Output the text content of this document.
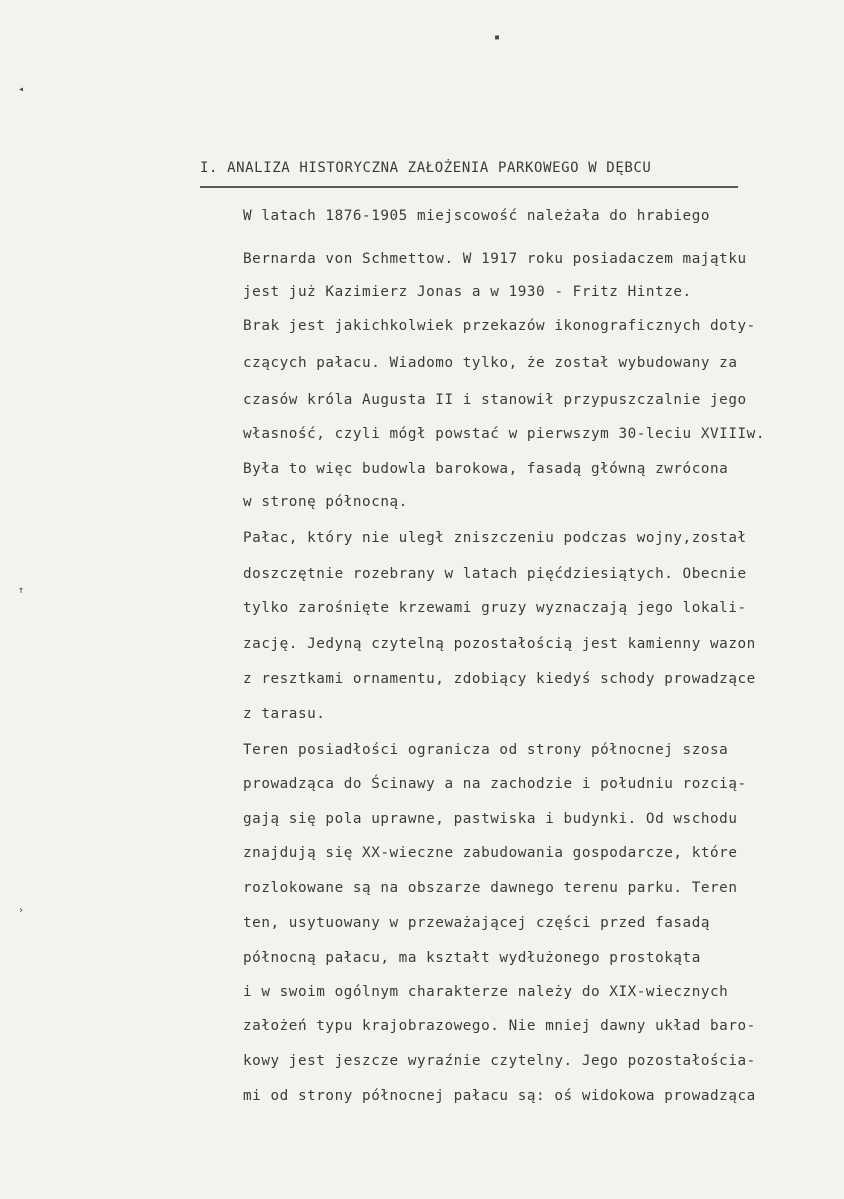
▪
◂
↑
›
I. ANALIZA HISTORYCZNA ZAŁOŻENIA PARKOWEGO W DĘBCU
W latach 1876-1905 miejscowość należała do hrabiego
Bernarda von Schmettow. W 1917 roku posiadaczem majątku
jest już Kazimierz Jonas a w 1930 - Fritz Hintze.
Brak jest jakichkolwiek przekazów ikonograficznych doty-
czących pałacu. Wiadomo tylko, że został wybudowany za
czasów króla Augusta II i stanowił przypuszczalnie jego
własność, czyli mógł powstać w pierwszym 30-leciu XVIIIw.
Była to więc budowla barokowa, fasadą główną zwrócona
w stronę północną.
Pałac, który nie uległ zniszczeniu podczas wojny,został
doszczętnie rozebrany w latach pięćdziesiątych. Obecnie
tylko zarośnięte krzewami gruzy wyznaczają jego lokali-
zację. Jedyną czytelną pozostałością jest kamienny wazon
z resztkami ornamentu, zdobiący kiedyś schody prowadzące
z tarasu.
Teren posiadłości ogranicza od strony północnej szosa
prowadząca do Ścinawy a na zachodzie i południu rozcią-
gają się pola uprawne, pastwiska i budynki. Od wschodu
znajdują się XX-wieczne zabudowania gospodarcze, które
rozlokowane są na obszarze dawnego terenu parku. Teren
ten, usytuowany w przeważającej części przed fasadą
północną pałacu, ma kształt wydłużonego prostokąta
i w swoim ogólnym charakterze należy do XIX-wiecznych
założeń typu krajobrazowego. Nie mniej dawny układ baro-
kowy jest jeszcze wyraźnie czytelny. Jego pozostałościa-
mi od strony północnej pałacu są: oś widokowa prowadząca
